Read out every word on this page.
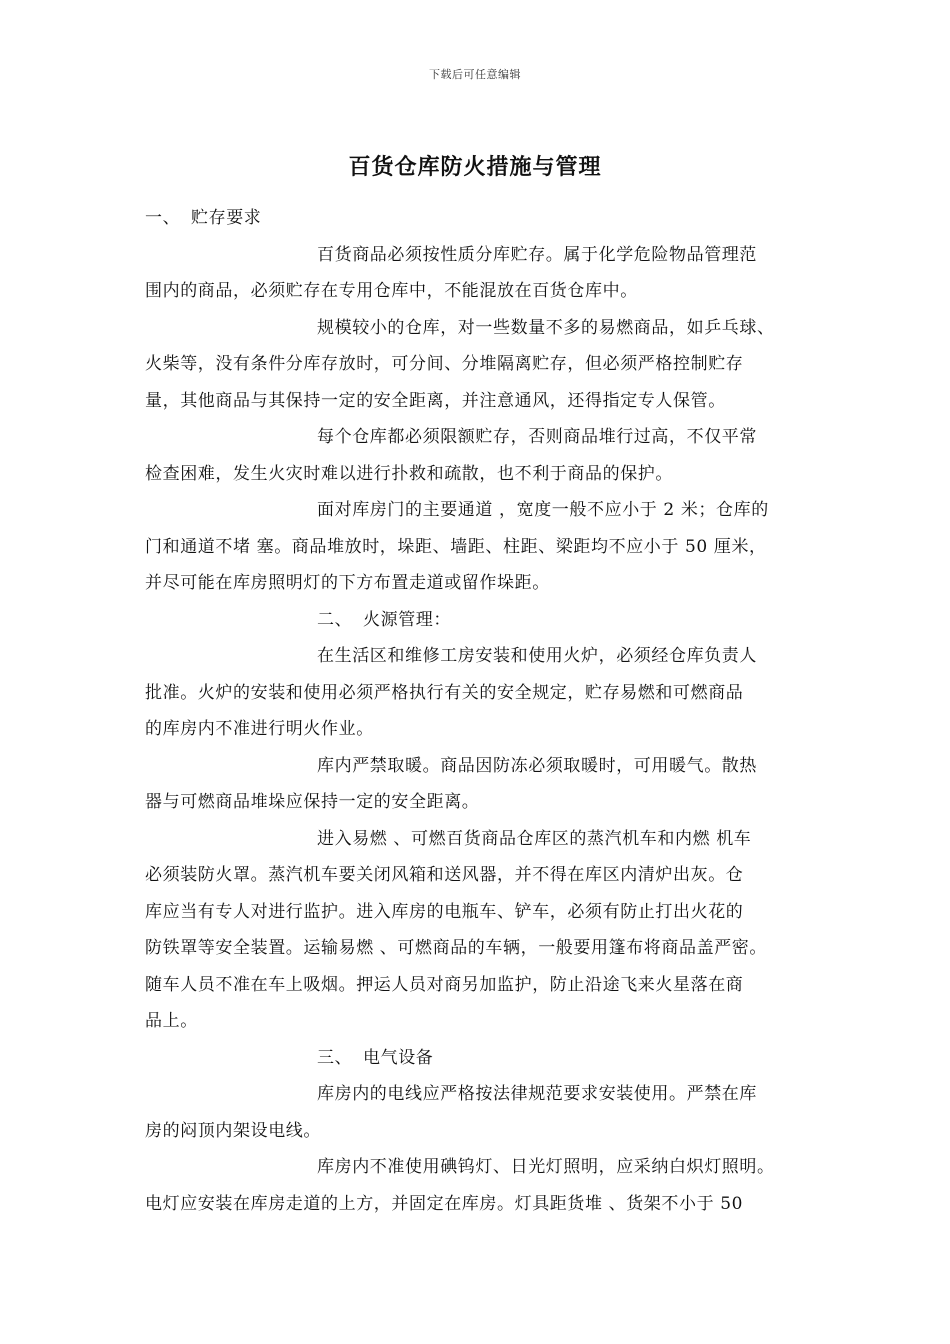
下载后可任意编辑
百货仓库防火措施与管理
一、 贮存要求
百货商品必须按性质分库贮存。属于化学危险物品管理范
围内的商品，必须贮存在专用仓库中，不能混放在百货仓库中。
规模较小的仓库，对一些数量不多的易燃商品，如乒乓球、
火柴等，没有条件分库存放时，可分间、分堆隔离贮存，但必须严格控制贮存
量，其他商品与其保持一定的安全距离，并注意通风，还得指定专人保管。
每个仓库都必须限额贮存，否则商品堆行过高，不仅平常
检查困难，发生火灾时难以进行扑救和疏散，也不利于商品的保护。
面对库房门的主要通道 ，宽度一般不应小于 2 米；仓库的
门和通道不堵 塞。商品堆放时，垛距、墙距、柱距、梁距均不应小于 50 厘米，
并尽可能在库房照明灯的下方布置走道或留作垛距。
二、 火源管理：
在生活区和维修工房安装和使用火炉，必须经仓库负责人
批准。火炉的安装和使用必须严格执行有关的安全规定，贮存易燃和可燃商品
的库房内不准进行明火作业。
库内严禁取暖。商品因防冻必须取暖时，可用暖气。散热
器与可燃商品堆垛应保持一定的安全距离。
进入易燃 、可燃百货商品仓库区的蒸汽机车和内燃 机车
必须装防火罩。蒸汽机车要关闭风箱和送风器，并不得在库区内清炉出灰。仓
库应当有专人对进行监护。进入库房的电瓶车、铲车，必须有防止打出火花的
防铁罩等安全装置。运输易燃 、可燃商品的车辆，一般要用篷布将商品盖严密。
随车人员不准在车上吸烟。押运人员对商另加监护，防止沿途飞来火星落在商
品上。
三、 电气设备
库房内的电线应严格按法律规范要求安装使用。严禁在库
房的闷顶内架设电线。
库房内不准使用碘钨灯、日光灯照明，应采纳白炽灯照明。
电灯应安装在库房走道的上方，并固定在库房。灯具距货堆 、货架不小于 50
